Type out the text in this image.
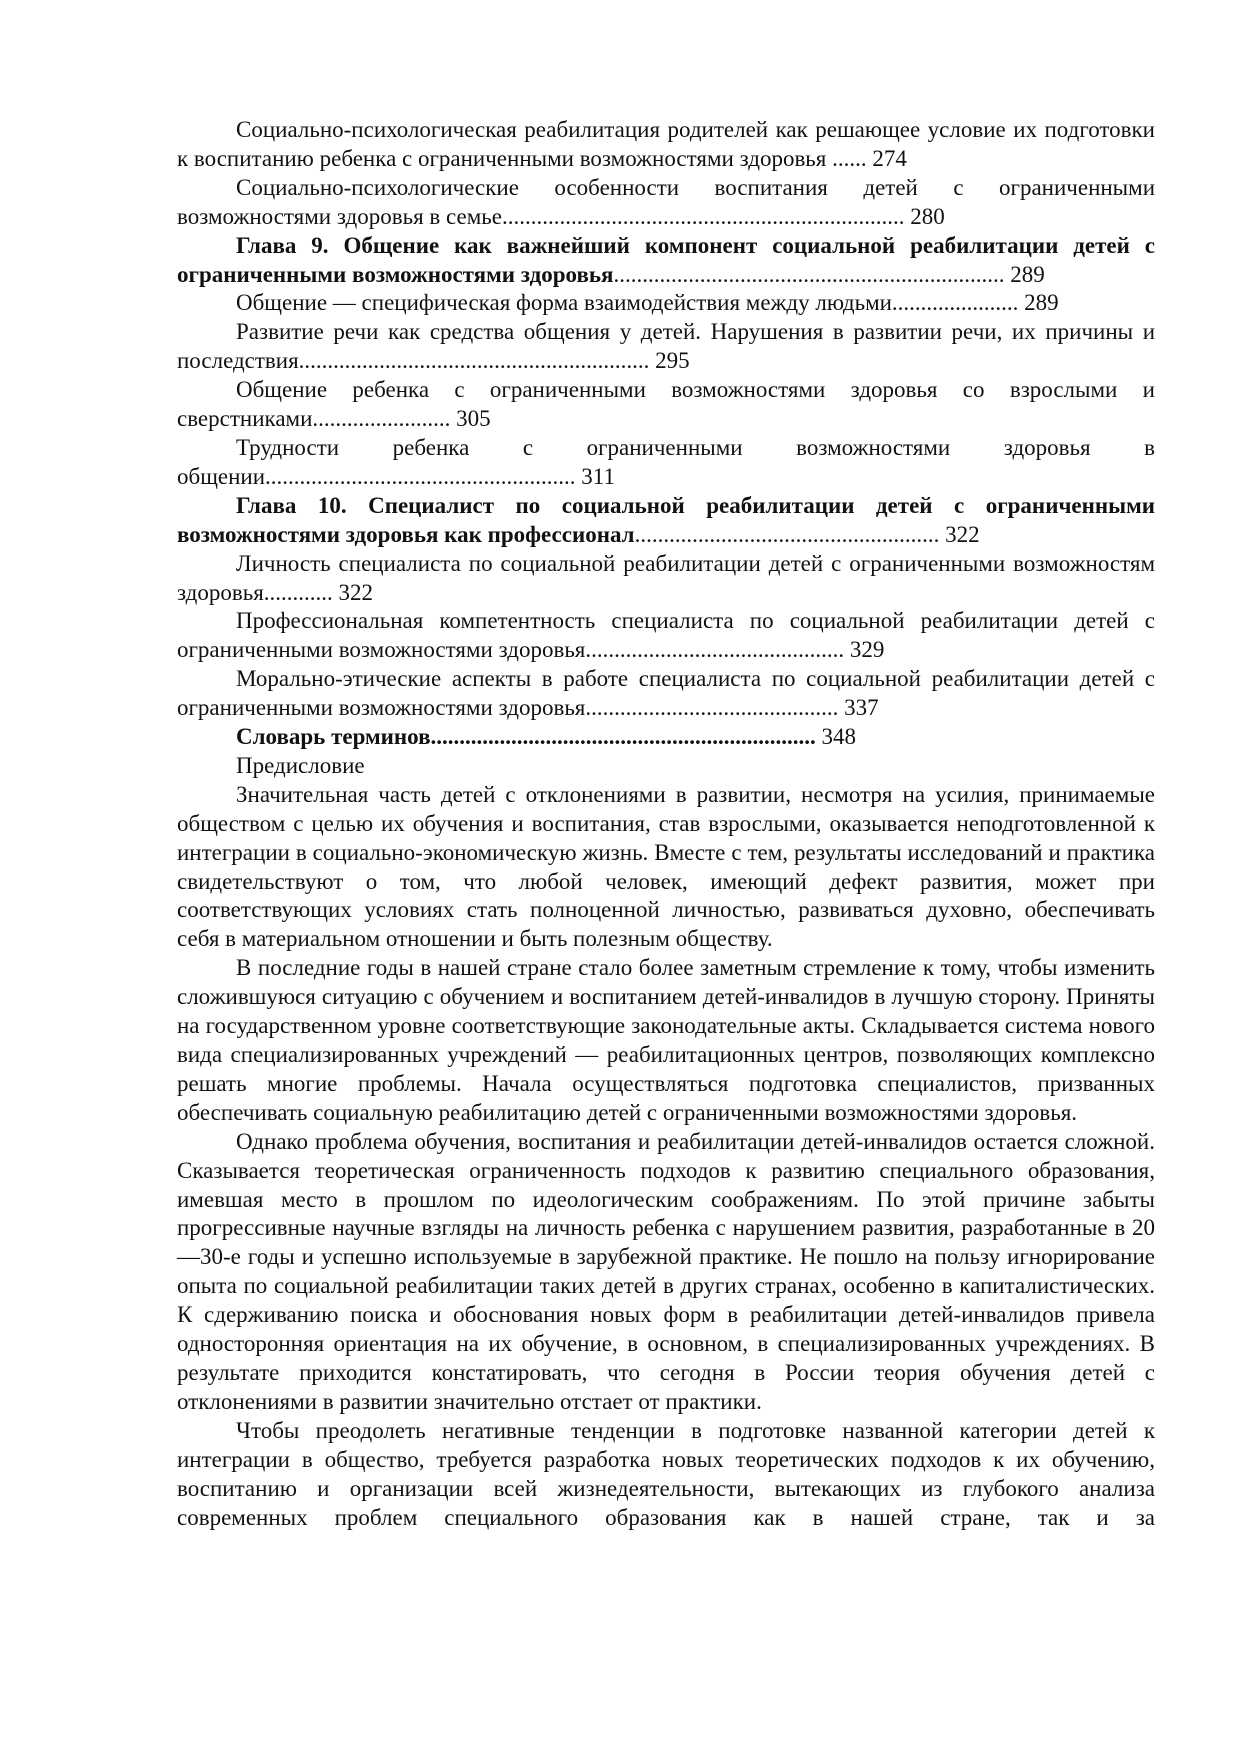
Социально-психологическая реабилитация родителей как решающее условие их подготовки к воспитанию ребенка с ограниченными возможностями здоровья ...... 274

Социально-психологические особенности воспитания детей с ограниченными возможностями здоровья в семье...................................................................... 280

Глава 9. Общение как важнейший компонент социальной реабилитации детей с ограниченными возможностями здоровья.................................................................... 289

Общение — специфическая форма взаимодействия между людьми...................... 289

Развитие речи как средства общения у детей. Нарушения в развитии речи, их причины и последствия............................................................. 295

Общение ребенка с ограниченными возможностями здоровья со взрослыми и сверстниками........................ 305

Трудности ребенка с ограниченными возможностями здоровья в общении...................................................... 311

Глава 10. Специалист по социальной реабилитации детей с ограниченными возможностями здоровья как профессионал..................................................... 322

Личность специалиста по социальной реабилитации детей с ограниченными возможностям здоровья............ 322

Профессиональная компетентность специалиста по социальной реабилитации детей с ограниченными возможностями здоровья............................................. 329

Морально-этические аспекты в работе специалиста по социальной реабилитации детей с ограниченными возможностями здоровья............................................ 337

Словарь терминов................................................................... 348

Предисловие

Значительная часть детей с отклонениями в развитии, несмотря на усилия, принимаемые обществом с целью их обучения и воспитания, став взрослыми, оказывается неподготовленной к интеграции в социально-экономическую жизнь. Вместе с тем, результаты исследований и практика свидетельствуют о том, что любой человек, имеющий дефект развития, может при соответствующих условиях стать полноценной личностью, развиваться духовно, обеспечивать себя в материальном отношении и быть полезным обществу.

В последние годы в нашей стране стало более заметным стремление к тому, чтобы изменить сложившуюся ситуацию с обучением и воспитанием детей-инвалидов в лучшую сторону. Приняты на государственном уровне соответствующие законодательные акты. Складывается система нового вида специализированных учреждений — реабилитационных центров, позволяющих комплексно решать многие проблемы. Начала осуществляться подготовка специалистов, призванных обеспечивать социальную реабилитацию детей с ограниченными возможностями здоровья.

Однако проблема обучения, воспитания и реабилитации детей-инвалидов остается сложной. Сказывается теоретическая ограниченность подходов к развитию специального образования, имевшая место в прошлом по идеологическим соображениям. По этой причине забыты прогрессивные научные взгляды на личность ребенка с нарушением развития, разработанные в 20—30-е годы и успешно используемые в зарубежной практике. Не пошло на пользу игнорирование опыта по социальной реабилитации таких детей в других странах, особенно в капиталистических. К сдерживанию поиска и обоснования новых форм в реабилитации детей-инвалидов привела односторонняя ориентация на их обучение, в основном, в специализированных учреждениях. В результате приходится констатировать, что сегодня в России теория обучения детей с отклонениями в развитии значительно отстает от практики.

Чтобы преодолеть негативные тенденции в подготовке названной категории детей к интеграции в общество, требуется разработка новых теоретических подходов к их обучению, воспитанию и организации всей жизнедеятельности, вытекающих из глубокого анализа современных проблем специального образования как в нашей стране, так и за
